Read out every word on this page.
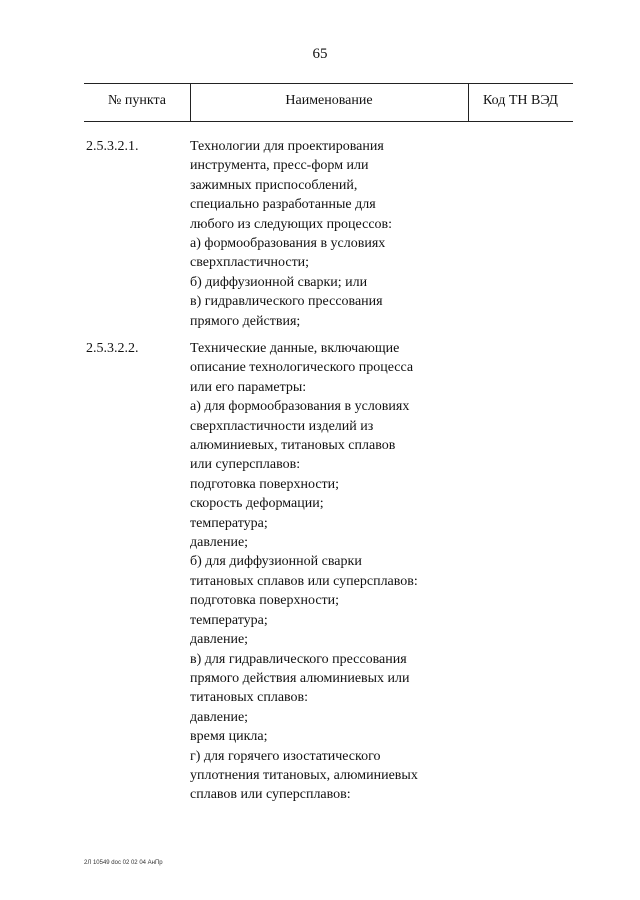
65
№ пункта	Наименование	Код ТН ВЭД
2.5.3.2.1.	Технологии для проектирования
инструмента, пресс-форм или
зажимных приспособлений,
специально разработанные для
любого из следующих процессов:
а) формообразования в условиях
сверхпластичности;
б) диффузионной сварки; или
в) гидравлического прессования
прямого действия;
2.5.3.2.2.	Технические данные, включающие
описание технологического процесса
или его параметры:
а) для формообразования в условиях
сверхпластичности изделий из
алюминиевых, титановых сплавов
или суперсплавов:
подготовка поверхности;
скорость деформации;
температура;
давление;
б) для диффузионной сварки
титановых сплавов или суперсплавов:
подготовка поверхности;
температура;
давление;
в) для гидравлического прессования
прямого действия алюминиевых или
титановых сплавов:
давление;
время цикла;
г) для горячего изостатического
уплотнения титановых, алюминиевых
сплавов или суперсплавов:
2Л 10549 doc 02 02 04 АнПр
